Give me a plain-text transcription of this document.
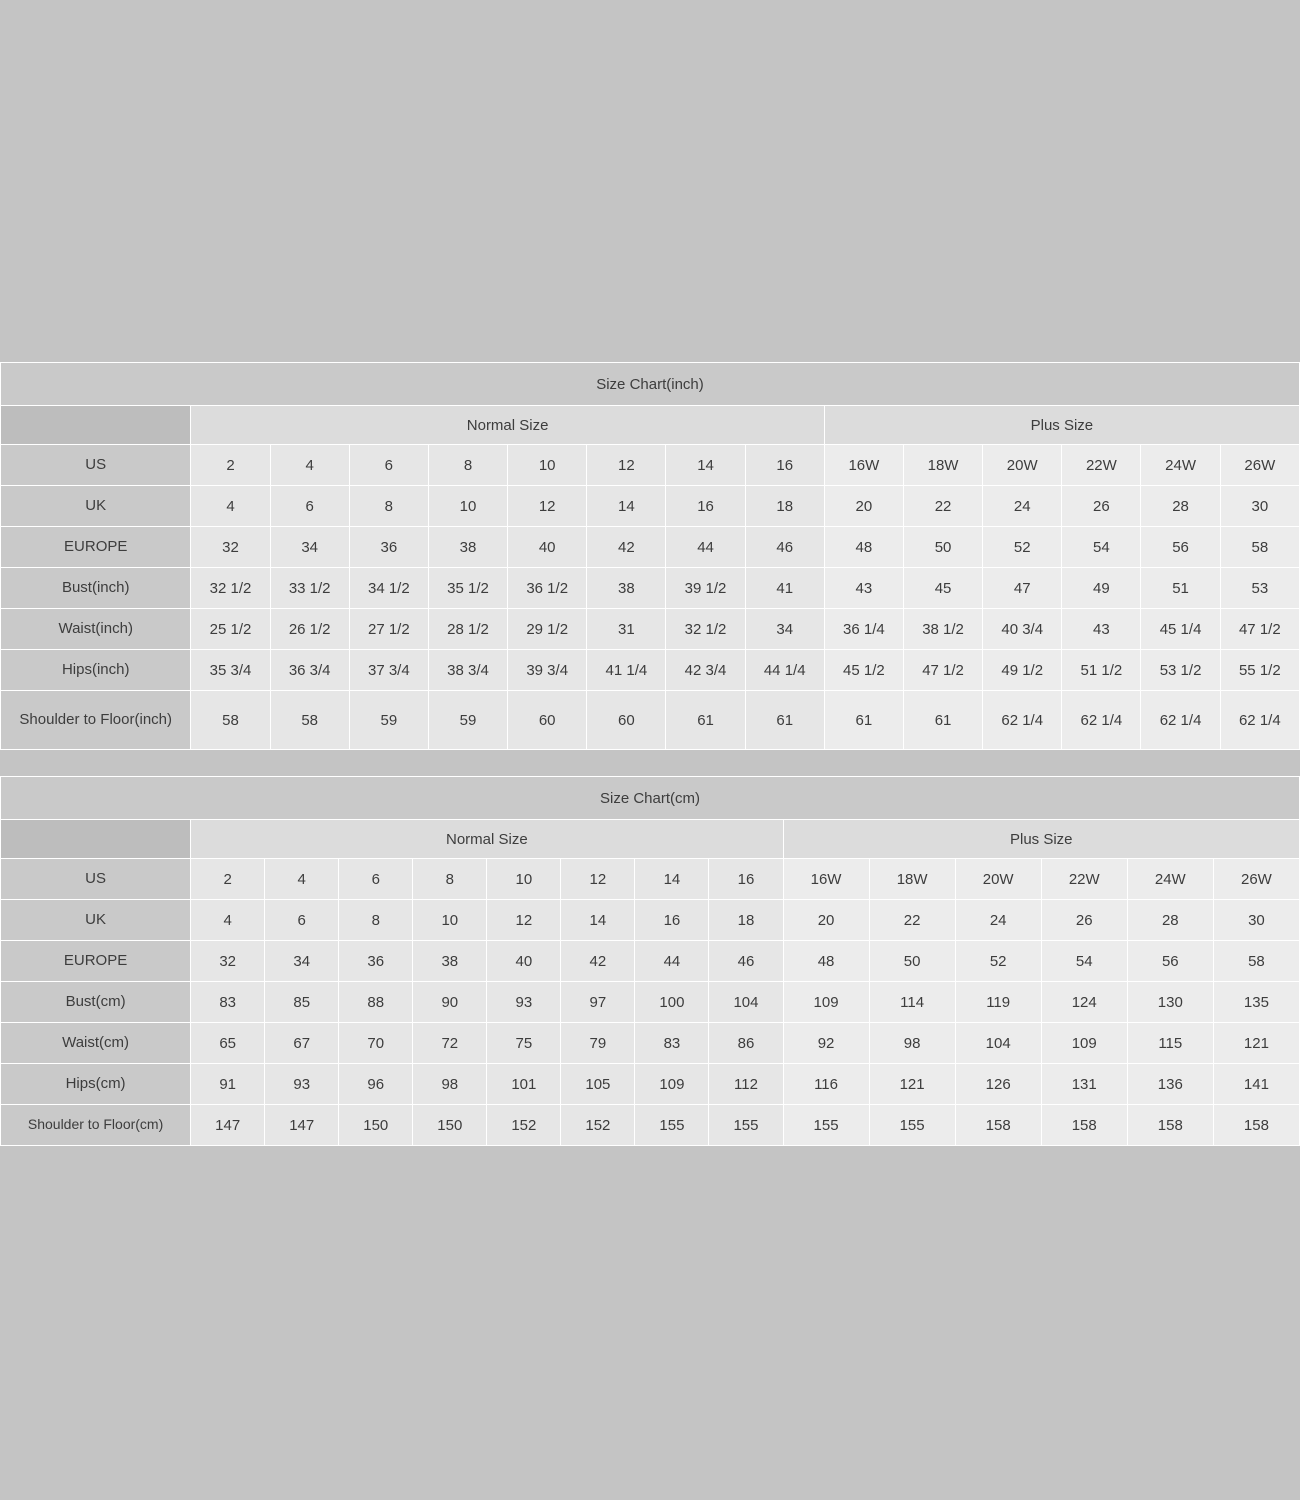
Size Chart(inch)														
	Normal Size								Plus Size					
US	2	4	6	8	10	12	14	16	16W	18W	20W	22W	24W	26W
UK	4	6	8	10	12	14	16	18	20	22	24	26	28	30
EUROPE	32	34	36	38	40	42	44	46	48	50	52	54	56	58
Bust(inch)	32 1/2	33 1/2	34 1/2	35 1/2	36 1/2	38	39 1/2	41	43	45	47	49	51	53
Waist(inch)	25 1/2	26 1/2	27 1/2	28 1/2	29 1/2	31	32 1/2	34	36 1/4	38 1/2	40 3/4	43	45 1/4	47 1/2
Hips(inch)	35 3/4	36 3/4	37 3/4	38 3/4	39 3/4	41 1/4	42 3/4	44 1/4	45 1/2	47 1/2	49 1/2	51 1/2	53 1/2	55 1/2
Shoulder to Floor(inch)	58	58	59	59	60	60	61	61	61	61	62 1/4	62 1/4	62 1/4	62 1/4
Size Chart(cm)														
	Normal Size								Plus Size					
US	2	4	6	8	10	12	14	16	16W	18W	20W	22W	24W	26W
UK	4	6	8	10	12	14	16	18	20	22	24	26	28	30
EUROPE	32	34	36	38	40	42	44	46	48	50	52	54	56	58
Bust(cm)	83	85	88	90	93	97	100	104	109	114	119	124	130	135
Waist(cm)	65	67	70	72	75	79	83	86	92	98	104	109	115	121
Hips(cm)	91	93	96	98	101	105	109	112	116	121	126	131	136	141
Shoulder to Floor(cm)	147	147	150	150	152	152	155	155	155	155	158	158	158	158
